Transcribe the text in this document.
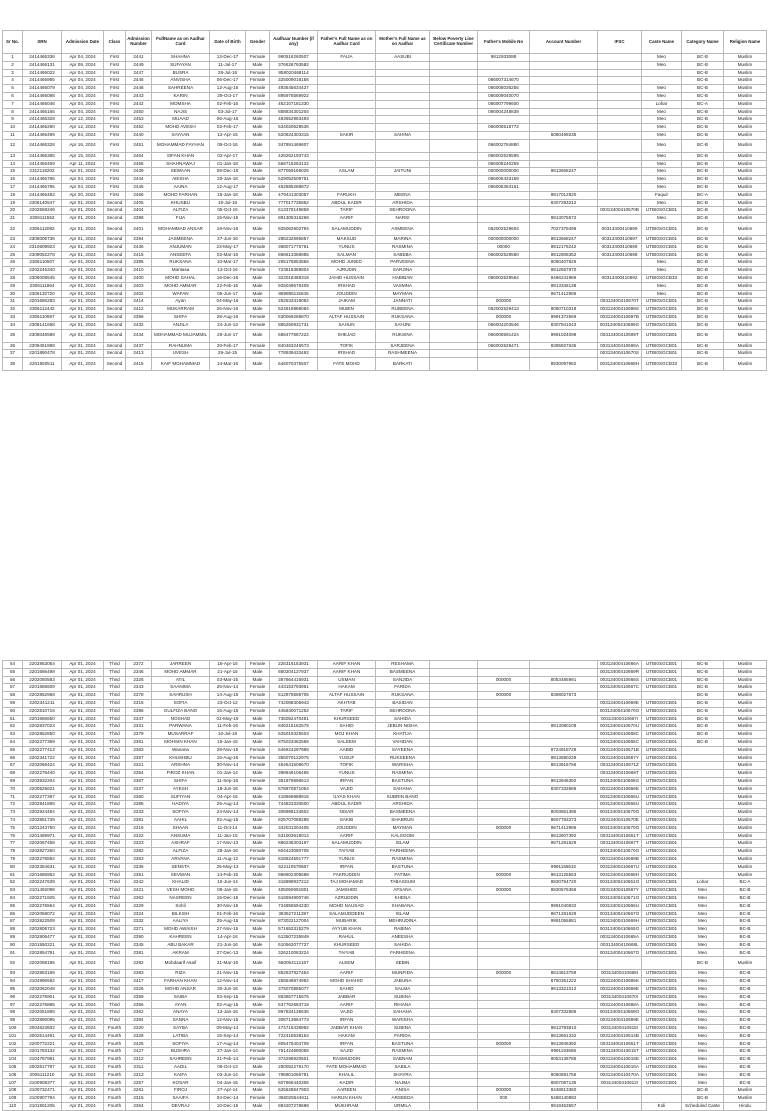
Sr No.	SRN	Admission Date	Class	Admission Number	FullName as on Aadhar Card	Date of Birth	Gender	Aadhaar Number (if any)	Father's Full Name as on Aadhar Card	Mother's Full Name as on Aadhar	Below Poverty Line Certificate Number	Father's Mobile No	Account Number	IFSC	Caste Name	Category Name	Religion Name
1	2414466336	Apr 04, 2024	First	2441	SHAHNA	13-Dec-17	Female	990516260507	FAIJA	AASUBI		9812933088			Meo	BC-B	Muslim
2	2414466131	Apr 08, 2024	First	2449	SUFAYAN	11-Jul-17	Male	376626793582							Meo	BC-B	Muslim
3	2414466022	Apr 04, 2024	First	2447	BUSRA	28-Jul-16	Female	858020468114								BC-B	Muslim
4	2414465985	Apr 04, 2024	First	2446	ANVISHA	06-Dec-17	Female	325009018156				066007314670				BC-B	Muslim
5	2414466079	Apr 04, 2024	First	2448	SAHREENA	12-Aug-16	Female	493545634427				066008036255			Meo	BC-B	Muslim
6	2414466088	Apr 04, 2024	First	2443	KARIN	29-Oct-17	Female	895975569922				066009040070			Meo	BC-B	Muslim
7	2414466046	Apr 04, 2024	First	2442	MOMSHA	02-Feb-16	Female	462107181330				066007799600			Lohar	BC-A	Muslim
8	2414466165	Apr 04, 2024	First	2450	NAJIS	03-Jul-17	Male	858834301204				066004248839			Meo	BC-B	Muslim
9	2414466328	Apr 12, 2024	First	2453	MUAAD	06-Aug-16	Male	483652983493							Meo	BC-B	Muslim
10	2414466290	Apr 12, 2024	First	2452	MOHD AVESH	02-Feb-17	Male	534020628536				066006518772			Meo	BC-B	Muslim
11	2414466499	Apr 04, 2024	First	2440	SAYAAN	12-Apr-15	Male	520624303315	SAKIR	SAHINA			5080499235		Meo	BC-B	Muslim
12	2414466326	Apr 16, 2024	First	2451	MOHAMMAD FAYHAN	08-Oct-16	Male	347891469607				066002764880			Meo	BC-B	Muslim
13	2414466385	Apr 15, 2024	First	2454	SIFAN KHAN	02-Apr-17	Male	426262193743				066002529595			Meo	BC-B	Muslim
14	2414466469	Apr 11, 2024	First	2455	SHAHNAWAJ	01-Jan-18	Male	568716263122				066008240259			Meo	BC-B	Muslim
15	2312118202	Apr 01, 2024	First	2439	SEWAAN	08-Dec-18	Male	877059169026	ASLAM	JAITUNI		000000000000	9813668247		Meo	BC-B	Muslim
16	2414466786	Apr 04, 2024	First	2444	AIESHA	20-Jan-18	Female	529052509751				066006433169			Meo	BC-B	Muslim
17	2414466785	Apr 04, 2024	First	2445	AAINA	12-Aug-17	Female	462885288872				066006364151			Meo	BC-B	Muslim
18	2414466482	Apr 20, 2024	First	2456	MOHD FARHAN	15-Jan-18	Male	479441303057	FARUKH	MEENA			9817012820		Faquir	BC-A	Muslim
19	2306140547	Apr 01, 2024	Second	2405	KHUSBU	18-Jul-16	Female	777017735862	ABDUL KADIR	ARSHIDA			8307293212		Meo	BC-B	Muslim
20	2202558246	Apr 01, 2024	Second	2404	ALFIZA	05-Oct-16	Female	613379149859	TARIF	SEHROONA				00313400410670B	UTBI0SGCB01	BC-B	Muslim
21	2306111552	Apr 01, 2024	Second	2398	FIJA	15-Nov-15	Female	891305316268	AARIF	NARSI			9813075572		Meo	BC-B	Muslim
22	2306112082	Apr 01, 2024	Second	2401	MOHAMMAD ANSAR	19-Nov-16	Male	825062902794	SALAMUDDIN	ASMEENA		062002529604	7027379496	00313400410699	UTBI0SGCB01	BC-B	Muslim
23	2306006736	Apr 01, 2024	Second	2394	JASMEENA	27-Jun-16	Female	285232695857	MAKSUD	MARINA		000000000000	9813668247	00313400410697	UTBI0SGCB01	BC-B	Muslim
24	2310609923	Apr 01, 2024	Second	2436	ANJUMAN	23-May-17	Female	368071775761	YUNUS	RASMINA		00000	9812175242	00313400410699	UTBI0SGCB01	BC-B	Muslim
25	2309052278	Apr 01, 2024	Second	2415	ANSEEFA	02-Mar-16	Female	866613368985	SALMAN	SABEBA		066002529580	9812808352	00313400410698	UTBI0SGCB01	BC-B	Muslim
26	2306110507	Apr 01, 2024	Second	2395	RUKSANA	10-Mar-17	Female	265176853856	MOHD JUNED	PARVEENA			9050407826		Meo	BC-B	Muslim
27	2202246340	Apr 01, 2024	Second	2410	Mantasa	13-Oct-16	Female	723818368804	AJRUDIN	SARJINA			9812657970		Meo	BC-B	Muslim
28	2306008545	Apr 01, 2024	Second	2400	MOHD SAHAL	16-Dec-16	Male	322018488319	JAHID HUSSAIN	HABIBAN		066002529564	9466241986	00313400410692	UTBI0SGCB33	BC-B	Muslim
29	2306111864	Apr 01, 2024	Second	2403	MOHD AMMAR	22-Feb-16	Male	925049576409	IRSHAD	VASMNA			9813346138		Meo	BC-B	Muslim
30	2306132720	Apr 01, 2024	Second	2402	WAFAN	05-Jun-17	Male	889885115645	JOUDDIN	MAYMAN			9671412986		Meo	BC-B	Muslim
31	2201686283	Apr 01, 2024	Second	2414	Ayan	04-May-16	Male	262533419082	JAIKAM	JANNATI		000000		00313400410670T	UTBI0SGCB01	BC-B	Muslim
32	2306112442	Apr 01, 2024	Second	2412	MUKARRAM	26-Nov-16	Male	524619888084	MUBIN	RUBEENA		062002529413	9050710318	00313400410698S	UTBI0SGCB01	BC-B	Muslim
33	2306110687	Apr 01, 2024	Second	2396	SHIFA	28-Aug-16	Female	630069268870	ALTAF HUSSAIN	RUKSANA		000000	9991372569	00313400410697B	UTBI0SGCB01	BC-B	Muslim
34	2308141658	Apr 01, 2024	Second	2432	ANJILA	24-Jun-13	Female	865260831731	SAHUN	SAHJNI		066004203546	8307941043	00313400410689G	UTBI0SGCB01	BC-B	Muslim
35	2308046588	Apr 01, 2024	Second	2434	MOHAMMAD MUJAMMIL	26-Jun-17	Male	688477667222	SHEJAD	RUKSINA		066006591424	9991024098	00313400410699T	UTBI0SGCB01	BC-B	Muslim
36	2309451888	Apr 01, 2024	Second	2437	RAHNUMA	20-Feb-17	Female	840463245573	TOFIK	SARJEENA		066002529471	8395927636	00313400410699A	UTBI0SGCB01	BC-B	Muslim
37	2201890478	Apr 01, 2024	Second	2413	UVESH	29-Jul-15	Male	778939433492	IRSHAD	RASHMEENA				00313400410670S	UTBI0SGCB01	BC-B	Muslim
38	2201550511	Apr 01, 2024	Second	2415	KAIF MOHAMMAD	14-Mar-16	Male	646070375507	FATE MOHD	BARKATI			8930097982	00313400410668H	UTBI0SGCB33	BC-B	Muslim
54	2202853054	Apr 01, 2024	Third	2372	JARREEN	18-Apr-15	Female	226316153931	AARIF KHAN	RESHAMA				00313400410666A	UTBI0SGCB01	BC-B	Muslim	
55	2201686498	Apr 01, 2024	Third	2346	MOHD AMMAR	21-Apr-15	Male	660204137937	AARIF KHAN	BASMEENA				00313400410669R	UTBI0SGCB01	BC-B	Muslim	
56	2202050583	Apr 01, 2024	Third	2326	ATIL	03-Mar-15	Male	367664416931	USMAN	SANJIDA		000000	8053485991	00313400410666S	UTBI0SGCB01	BC-B	Muslim	
57	2201686609	Apr 01, 2024	Third	2343	SAANIMA	25-Nov-14	Female	443153793961	HAKAM	FARIDA				00313400410667C	UTBI0SGCB01	BC-B	Muslim	
58	2202852968	Apr 01, 2024	Third	2378	SAHRUSH	14-Aug-15	Female	512875668705	ALTAF HUSSAIN	RUKSANA		000000	8398027873			BC-B	Muslim	
59	2202341211	Apr 01, 2024	Third	2315	SOFIA	23-Oct-12	Female	742088305943	AKHTAB	BASIDAN				00313400410669E	UTBI0SGCB01	BC-B	Muslim	
60	2202810716	Apr 01, 2024	Third	2386	GULFIZA BANO	15-Aug-15	Female	445840071252	TARIF	SEHROONA				00313400410670O	UTBI0SGCB01	BC-B	Muslim	
61	2201686650	Apr 01, 2024	Third	2347	NOSHAD	02-May-16	Male	735052470481	KHURSEED	SAHIDA				00313400410667I	UTBI0SGCB01	BC-B	Muslim	
62	2202837023	Apr 01, 2024	Third	2331	PARWANA	11-Feb-16	Female	846215182579	SAHID	JEBUN NISHA			9813080109	00313400410670U	UTBI0SGCB01	BC-B	Muslim	
63	2202852850	Apr 01, 2024	Third	2379	MUSARRAF	10-Jul-16	Male	525019325503	MOJ KHAN	KHATIJA				00313400410668C	UTBI0SGCB01	BC-B	Muslim	
64	2202277359	Apr 01, 2024	Third	2361	MOHSIN KHAN	15-Jan-15	Male	875023482566	SALEEM	VAHIDAN				00313400410666C	UTBI0SGCB01	BC-B	Muslim	
65	2202277413	Apr 01, 2024	Third	2363	Wanana	28-Nov-15	Female	546624297998	AABID	SAYEENA			9724918729	00313400410671B	UTBI0SGCB01		Muslim	
66	2202341722	Apr 01, 2024	Third	2357	KHUSHBU	15-Aug-16	Female	355070122975	YUSUF	RUKSEENA			9813690229	00313400410667Y	UTBI0SGCB01		Muslim	
67	2202066424	Apr 01, 2024	Third	2321	ARSHNA	30-Nov-14	Female	464541508670	TOFIK	WARISHA			8813916756	00313400410671Z	UTBI0SGCB01		Muslim	
68	2202276440	Apr 01, 2024	Third	2354	FIROZ KHAN	01-Jan-14	Male	398846106465	YUNUS	RASMINA				00313400410668T	UTBI0SGCB01		Muslim	
69	2203932204	Apr 01, 2024	Third	2367	SHIFA	11-Sep-16	Female	351879896513	IRFAN	BASTUNA			9813946392	00313400410668G	UTBI0SGCB01		Muslim	
70	2200525621	Apr 01, 2024	Third	2337	AYESH	18-Jun-16	Male	678870871054	VAJID	SAHANA			8307332886	00313400410666E	UTBI0SGCB01		Muslim	
71	2202277387	Apr 01, 2024	Third	2360	SUFIYAN	04-Apr-16	Male	418668988915	ILYAS KHAN	SUBRIN BANO				00313400410668U	UTBI0SGCB01		Muslim	
72	2202941889	Apr 01, 2024	Third	2385	HADIYA	25-Aug-14	Female	744823330500	ABDUL KADIR	ARSHIDA				00313400410668U	UTBI0SGCB01		Muslim	
73	2202924484	Apr 01, 2024	Third	2333	SOFIYA	24-Nov-14	Female	308998134602	NISAR	BASMEENA			8003861386	00313400410670O	UTBI0SGCB01		Muslim	
74	2202851739	Apr 01, 2024	Third	2381	AAHIL	02-Aug-15	Male	825707088298	SAKIB	SHABRUN			8607783273	00313400410670E	UTBI0SGCB01		Muslim	
75	2201243750	Apr 01, 2024	Third	2316	SHAAN	11-Oct-14	Male	342031304405	JOUDDIN	MAYMAN		000000	9671412986	00313400410670O	UTBI0SGCB01		Muslim	
76	2201489971	Apr 01, 2024	Third	2322	ANSUMA	11-Jan-15	Female	531003618014	AARIF	KALSOOM			9813607392	00313400410651T	UTBI0SGCB01		Muslim	
77	2202067458	Apr 01, 2024	Third	2323	ASHRAF	17-Nov-13	Male	686236303197	SALAMUDDIN	ISLAM			9671281629	00313400410667T	UTBI0SGCB01		Muslim	
78	2202827260	Apr 01, 2024	Third	2382	ALFIZA	28-Jan-16	Female	604423080705	TAIYAB	FARHEENA				00313400410670O	UTBI0SGCB01		Muslim	
79	2202276592	Apr 01, 2024	Third	2353	ARVANA	11-Aug-12	Female	818524591777	YUNUS	RASMINA				00313400410668B	UTBI0SGCB01		Muslim	
80	2202354631	Apr 01, 2024	Third	2335	SENSTA	25-May-13	Female	522110578587	IRFAN	BASTUNA			9991155632	00313400410667U	UTBI0SGCB01		Muslim	
81	2201686962	Apr 01, 2024	Third	2351	SEVMAN	14-Feb-15	Male	968602305598	FAKRUDDIN	FATIMA		000000	9813125563	00313400410668H	UTBI0SGCB01		Muslim	
82	2202247639	Apr 01, 2024	Third	2342	KHALID	10-Jun-14	Male	316898937212	TAJ MOHAMAD	TABASSUM			8930754720	00313400410651O	UTBI0SGCB01	Lohar	BC-A	
83	2101492098	Apr 01, 2024	Third	2421	VESH MOHD	08-Jan-15	Male	405050691801	JAMSHED	AFSANA		000000	8930576366	00313400410667Y	UTBI0SGCB01	Meo	BC-B	
84	2202271925	Apr 01, 2024	Third	2362	NASREEN	15-Dec-15	Female	516594900746	AZRUDDIN	KHENA				00313400410671O	UTBI0SGCB01	Meo	BC-B	
85	2202276564	Apr 01, 2024	Third	2329	Sohil	30-Nov-15	Male	724855594230	MOHD NAUSAD	SHABANA			9991040832	00313400410666U	UTBI0SGCB01	Meo	BC-B	
86	2202068072	Apr 01, 2024	Third	2324	BILKISH	01-Feb-16	Female	383627211397	SALAMUDDEEN	ISLAM			9671281629	00313400410667O	UTBI0SGCB01	Meo	BC-B	
87	2202822509	Apr 01, 2024	Third	2332	AALIYA	25-Aug-15	Female	873022127004	MUBARIK	MEHRUDINA			9991055881	00313400410669H	UTBI0SGCB01	Meo	BC-B	
88	2202806723	Apr 01, 2024	Third	2371	MOHD AWAISH	27-Nov-15	Male	571653315279	AYYUB KHAN	RABINA				00313400410665O	UTBI0SGCB01	Meo	BC-B	
89	2202806477	Apr 01, 2024	Third	2390	KAHREEN	14-Apr-16	Female	613507235849	RAHUL	ANEESHA				00313400410665A	UTBI0SGCB01	Meo	BC-B	
90	2201550221	Apr 01, 2024	Third	2345	ABU BAKAR	21-Jun-16	Male	610562077727	KHURSEED	SAHIDA				00313400410668L	UTBI0SGCB01	Meo	BC-B	
91	2202854791	Apr 01, 2024	Third	2381	AKRAM	27-Dec-13	Male	326210083224	TAIYAB	FARHEENA				00313400410667O	UTBI0SGCB01	Meo	BC-B	
92	2202058195	Apr 01, 2024	Third	2392	Mohdaarif Asaif	31-Mar-16	Male	550054112167	ALEEM	SEBIN						BC-B	Muslim	
93	2202853189	Apr 01, 2024	Third	2383	RIZA	21-Nov-15	Female	852637927454	AARIF	MUNFIDA		000000	8814813759	00313400410668I	UTBI0SGCB01	Meo	BC-B	
94	2104996592	Apr 01, 2024	Third	2417	FARHAN KHAN	12-Nov-14	Male	265546874982	MOHD SHAHID	JABUNA			8750351222	00313400410665K	UTBI0SGCB01	Meo	BC-B	
95	2202062048	Apr 01, 2024	Third	2326	MOHD ANSAR	30-Jun-16	Male	375070885077	SAHID	SALMA			9813321012	00313400410669E	UTBI0SGCB01	Meo	BC-B	
96	2202276901	Apr 01, 2024	Third	2359	SAIBA	03-Sep-15	Female	853867715676	JABBAR	SUBINA				00313400410670I	UTBI0SGCB01	Meo	BC-B	
97	2202276885	Apr 01, 2024	Third	2356	AYAN	02-Aug-15	Male	637762683719	AARIF	RIHANA				00313400410668A	UTBI0SGCB01	Meo	BC-B	
98	2202051889	Apr 01, 2024	Third	2352	ANAYA	13-Jan-16	Female	997834136636	VAJID	SAHANA			8307332886	00313400410669O	UTBI0SGCB01	Meo	BC-B	
99	2202890095	Apr 01, 2024	Third	2384	SANNA	12-Nov-15	Female	308713864773	IRFAN	WARISHA				00313400410669E	UTBI0SGCB01	Meo	BC-B	
100	2004623602	Apr 01, 2024	Fourth	2320	SAYBA	09-May-14	Female	474715438992	JABBAR KHAN	SUBINA			9813793810	00313400410615I	UTBI0SGCB01	Meo	BC-B	
101	2002614491	Apr 01, 2024	Fourth	2328	LATIBA	15-Sep-14	Female	722418538154	HAKAM	FARIDA			9813661332	00313400410614B	UTBI0SGCB01	Meo	BC-B	
102	2200772221	Apr 01, 2024	Fourth	2425	SOFIYA	17-Aug-14	Female	805479404709	IRFAN	BASTUNA		000000	9813946392	00313400410651T	UTBI0SGCB01	Meo	BC-B	
103	2201783132	Apr 01, 2024	Fourth	2427	BUSHRA	27-Jan-14	Female	751424680058	SAJID	RASMINA			9991193568	00313400410615T	UTBI0SGCB01	Meo	BC-B	
104	2104757981	Apr 01, 2024	Fourth	2312	SAHREEN	21-Feb-14	Female	374296920601	RASMUDDIN	SABNAM			9053138786	00313400410615E	UTBI0SGCB01	Meo	BC-B	
105	2002617787	Apr 01, 2024	Fourth	2311	AADIL	06-Oct-13	Male	250052276170	FATE MOHAMMAD	SABILA				00313400410616A	UTBI0SGCB01	Meo	BC-B	
106	2005111210	Apr 01, 2024	Fourth	2313	KAIFA	03-Jun-14	Female	796901066791	KHALIL	SHAYRA			9050891756	00313400410470A	UTBI0SGCB01	Meo	BC-B	
107	2100908377	Apr 01, 2024	Fourth	2257	KOSAR	04-Jan-15	Female	607666440306	KADIR	NAJMA			8807087135	00313400410612I	UTBI0SGCB01	Meo	BC-B	
108	2100732471	Apr 01, 2024	Fourth	2261	FIROJ	27-Apr-14	Male	625628647903	AAREEN	ANISA		000000	8448813360			BC-B	Muslim	
109	2100907794	Apr 01, 2024	Fourth	2315	SAAIFA	04-Dec-14	Female	366025544611	HARUN KHAN	ARSEEDA		000	5488140882			BC-B	Muslim	
110	2101901205	Apr 01, 2024	Fourth	2364	DEVRAJ	10-Dec-15	Male	884207278698	MUKHRAM	URMILA			9918453557		Koli	Scheduled Caste	Hindu	
